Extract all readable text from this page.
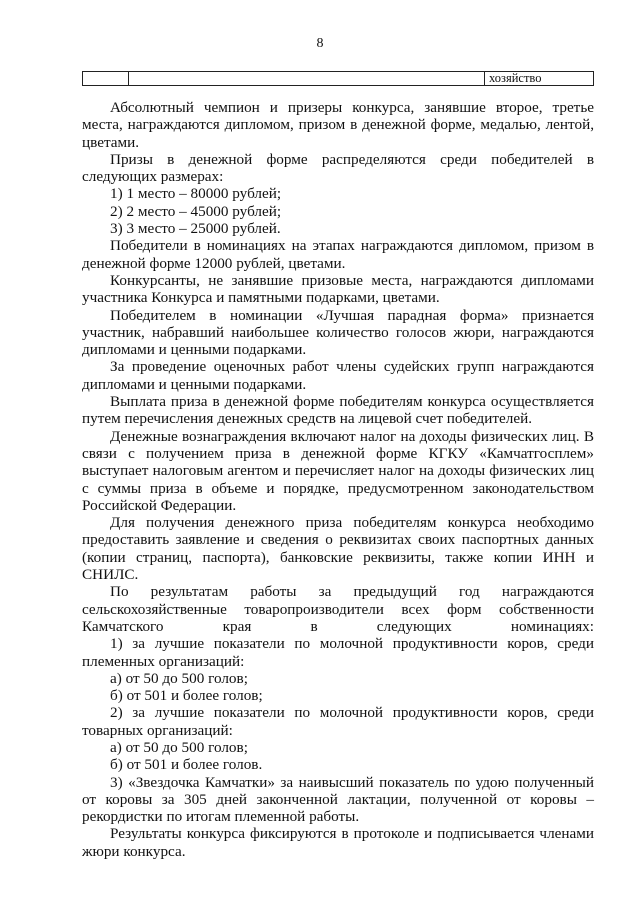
8
хозяйство

Абсолютный чемпион и призеры конкурса, занявшие второе, третье места, награждаются дипломом, призом в денежной форме, медалью, лентой, цветами.

Призы в денежной форме распределяются среди победителей в следующих размерах:

1) 1 место – 80000 рублей;

2) 2 место – 45000 рублей;

3) 3 место – 25000 рублей.

Победители в номинациях на этапах награждаются дипломом, призом в денежной форме 12000 рублей, цветами.

Конкурсанты, не занявшие призовые места, награждаются дипломами участника Конкурса и памятными подарками, цветами.

Победителем в номинации «Лучшая парадная форма» признается участник, набравший наибольшее количество голосов жюри, награждаются дипломами и ценными подарками.

За проведение оценочных работ члены судейских групп награждаются дипломами и ценными подарками.

Выплата приза в денежной форме победителям конкурса осуществляется путем перечисления денежных средств на лицевой счет победителей.

Денежные вознаграждения включают налог на доходы физических лиц. В связи с получением приза в денежной форме КГКУ «Камчатгосплем» выступает налоговым агентом и перечисляет налог на доходы физических лиц с суммы приза в объеме и порядке, предусмотренном законодательством Российской Федерации.

Для получения денежного приза победителям конкурса необходимо предоставить заявление и сведения о реквизитах своих паспортных данных (копии страниц, паспорта), банковские реквизиты, также копии ИНН и СНИЛС.

По результатам работы за предыдущий год награждаются сельскохозяйственные товаропроизводители всех форм собственности Камчатского края в следующих номинациях:

1) за лучшие показатели по молочной продуктивности коров, среди племенных организаций:

а) от 50 до 500 голов;

б) от 501 и более голов;

2) за лучшие показатели по молочной продуктивности коров, среди товарных организаций:

а) от 50 до 500 голов;

б) от 501 и более голов.

3) «Звездочка Камчатки» за наивысший показатель по удою полученный от коровы за 305 дней законченной лактации, полученной от коровы – рекордистки по итогам племенной работы.

Результаты конкурса фиксируются в протоколе и подписывается членами жюри конкурса.
